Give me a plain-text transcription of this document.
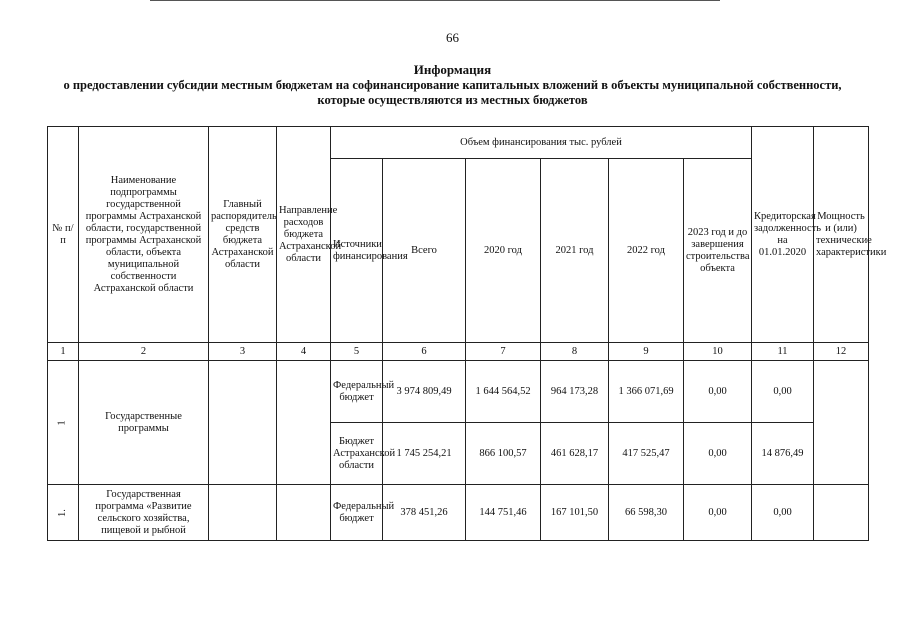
66
Информация
о предоставлении субсидии местным бюджетам на софинансирование капитальных вложений в объекты муниципальной собственности, которые осуществляются из местных бюджетов
№ п/п	Наименование подпрограммы государственной программы Астраханской области, государственной программы Астраханской области, объекта муниципальной собственности Астраханской области	Главный распорядитель средств бюджета Астраханской области	Направление расходов бюджета Астраханской области	Объем финансирования тыс. рублей						Кредиторская задолженность на 01.01.2020	Мощность и (или) технические характеристики
				Источники финансирования	Всего	2020 год	2021 год	2022 год	2023 год и до завершения строительства объекта		
1	2	3	4	5	6	7	8	9	10	11	12
1	Государственные программы			Федеральный бюджет	3 974 809,49	1 644 564,52	964 173,28	1 366 071,69	0,00	0,00	
				Бюджет Астраханской области	1 745 254,21	866 100,57	461 628,17	417 525,47	0,00	14 876,49	
1.	Государственная программа «Развитие сельского хозяйства, пищевой и рыбной			Федеральный бюджет	378 451,26	144 751,46	167 101,50	66 598,30	0,00	0,00	
